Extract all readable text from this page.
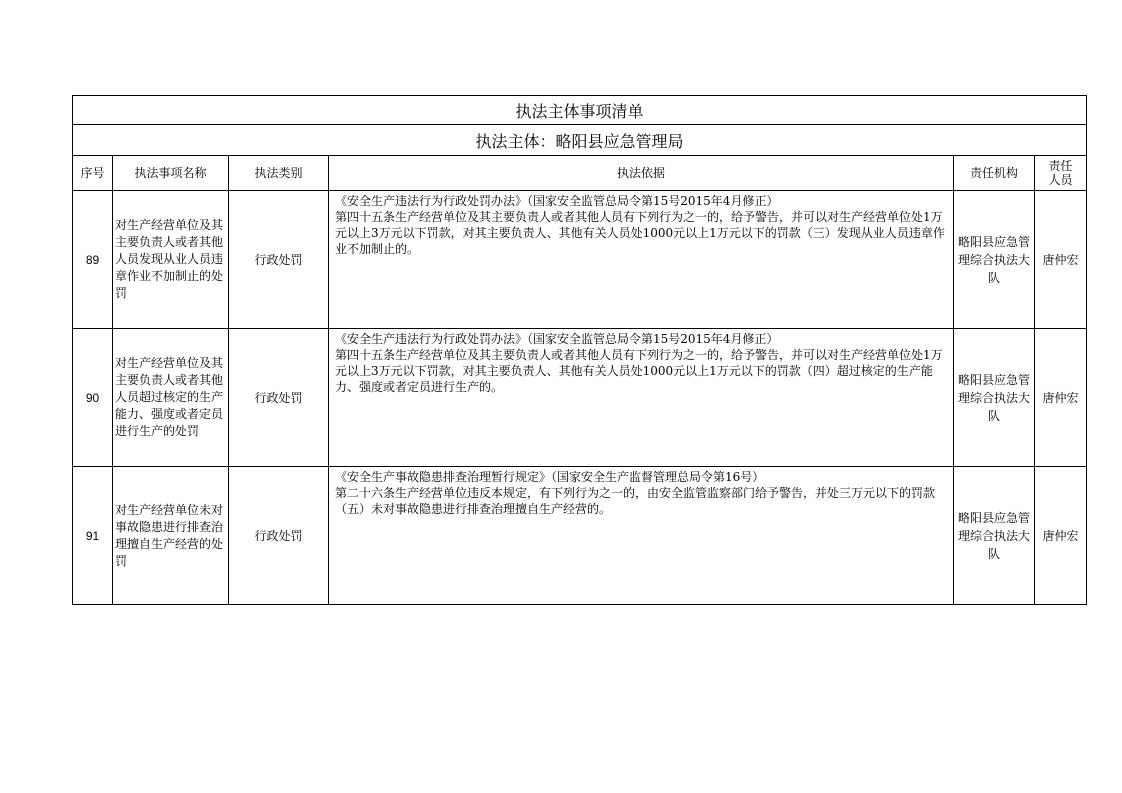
执法主体事项清单					
执法主体：略阳县应急管理局					
序号	执法事项名称	执法类别	执法依据	责任机构	责任人员
89	对生产经营单位及其主要负责人或者其他人员发现从业人员违章作业不加制止的处罚	行政处罚	《安全生产违法行为行政处罚办法》（国家安全监管总局令第15号2015年4月修正）
第四十五条生产经营单位及其主要负责人或者其他人员有下列行为之一的，给予警告，并可以对生产经营单位处1万元以上3万元以下罚款，对其主要负责人、其他有关人员处1000元以上1万元以下的罚款（三）发现从业人员违章作业不加制止的。	略阳县应急管理综合执法大队	唐仲宏
90	对生产经营单位及其主要负责人或者其他人员超过核定的生产能力、强度或者定员进行生产的处罚	行政处罚	《安全生产违法行为行政处罚办法》（国家安全监管总局令第15号2015年4月修正）
第四十五条生产经营单位及其主要负责人或者其他人员有下列行为之一的，给予警告，并可以对生产经营单位处1万元以上3万元以下罚款，对其主要负责人、其他有关人员处1000元以上1万元以下的罚款（四）超过核定的生产能力、强度或者定员进行生产的。	略阳县应急管理综合执法大队	唐仲宏
91	对生产经营单位未对事故隐患进行排查治理擅自生产经营的处罚	行政处罚	《安全生产事故隐患排查治理暂行规定》（国家安全生产监督管理总局令第16号）
第二十六条生产经营单位违反本规定，有下列行为之一的，由安全监管监察部门给予警告，并处三万元以下的罚款（五）未对事故隐患进行排查治理擅自生产经营的。	略阳县应急管理综合执法大队	唐仲宏
